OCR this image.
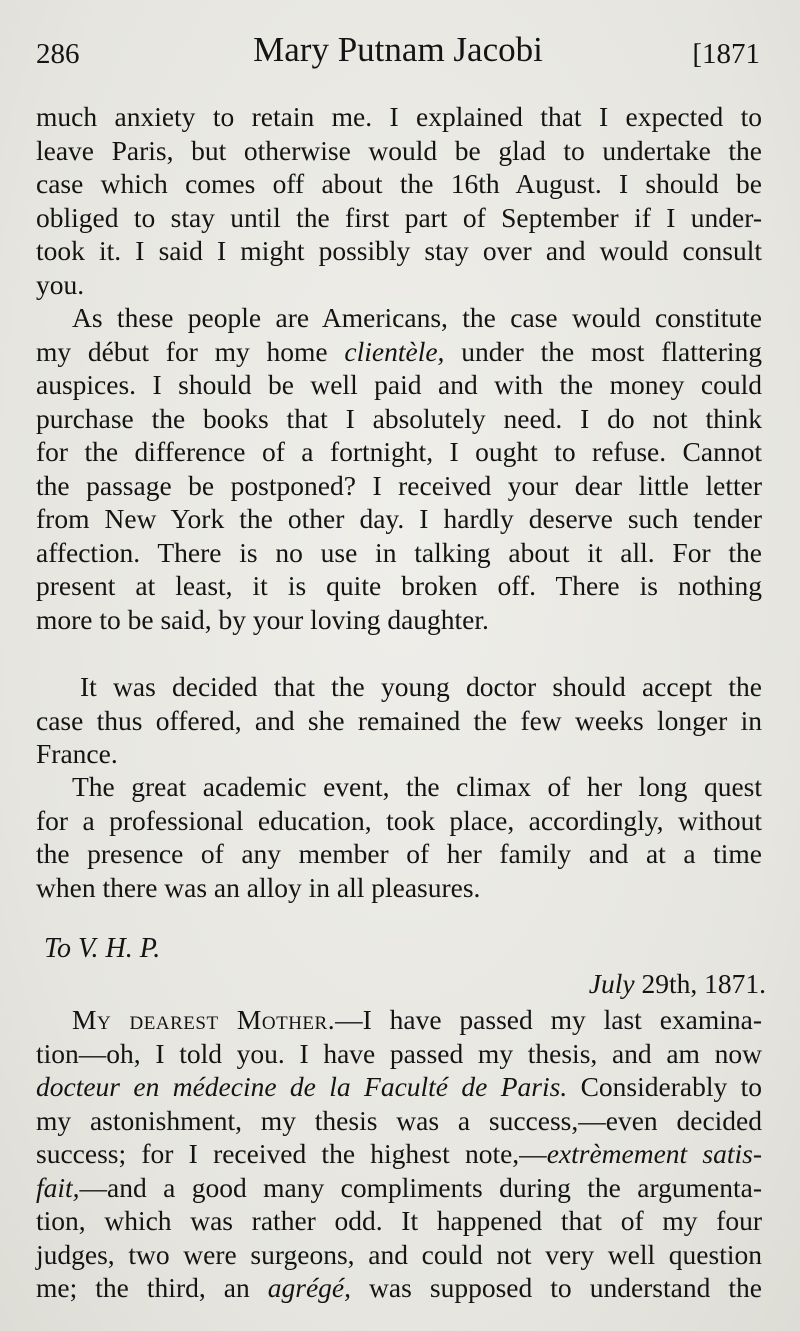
286	Mary Putnam Jacobi	[1871
much anxiety to retain me. I explained that I expected to
leave Paris, but otherwise would be glad to undertake the
case which comes off about the 16th August. I should be
obliged to stay until the first part of September if I under-
took it. I said I might possibly stay over and would consult
you.
As these people are Americans, the case would constitute
my début for my home clientèle, under the most flattering
auspices. I should be well paid and with the money could
purchase the books that I absolutely need. I do not think
for the difference of a fortnight, I ought to refuse. Cannot
the passage be postponed? I received your dear little letter
from New York the other day. I hardly deserve such tender
affection. There is no use in talking about it all. For the
present at least, it is quite broken off. There is nothing
more to be said, by your loving daughter.
It was decided that the young doctor should accept the
case thus offered, and she remained the few weeks longer in
France.
The great academic event, the climax of her long quest
for a professional education, took place, accordingly, without
the presence of any member of her family and at a time
when there was an alloy in all pleasures.
To V. H. P.
July 29th, 1871.
My dearest Mother.—I have passed my last examina-
tion—oh, I told you. I have passed my thesis, and am now
docteur en médecine de la Faculté de Paris. Considerably to
my astonishment, my thesis was a success,—even decided
success; for I received the highest note,—extrèmement satis-
fait,—and a good many compliments during the argumenta-
tion, which was rather odd. It happened that of my four
judges, two were surgeons, and could not very well question
me; the third, an agrégé, was supposed to understand the
